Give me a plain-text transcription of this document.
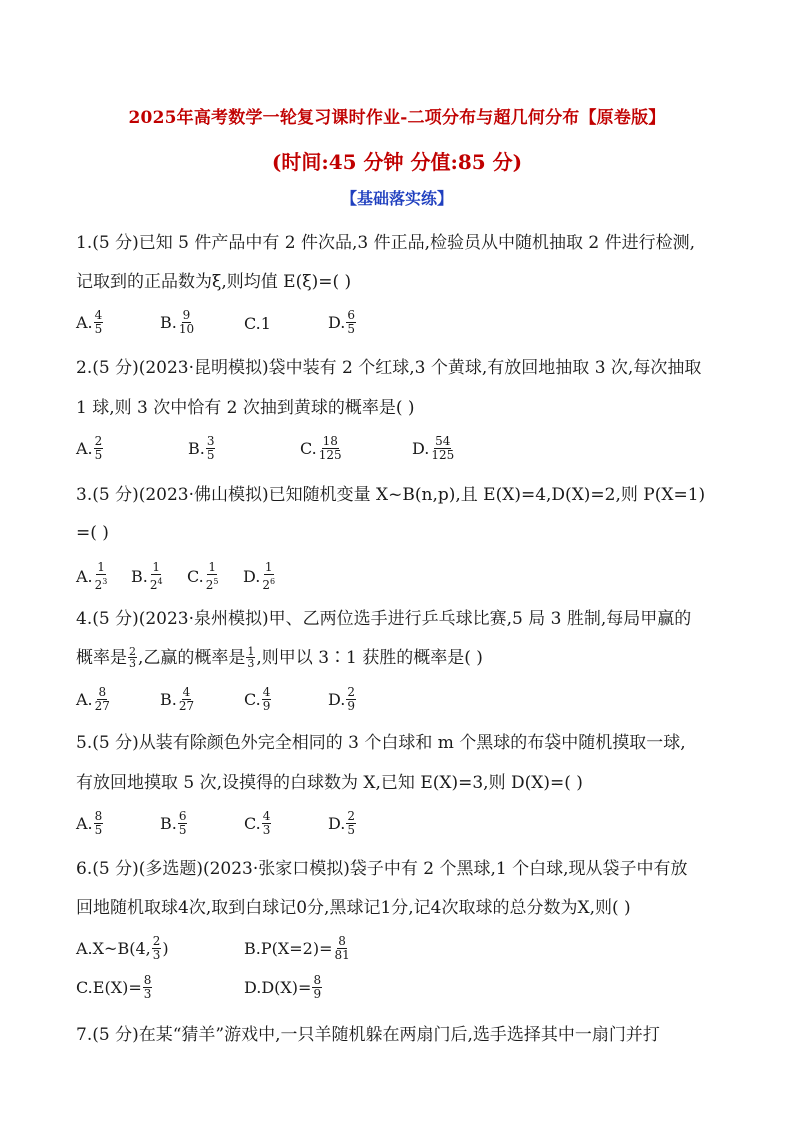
2025年高考数学一轮复习课时作业-二项分布与超几何分布【原卷版】
(时间:45 分钟 分值:85 分)
【基础落实练】
1.(5 分)已知 5 件产品中有 2 件次品,3 件正品,检验员从中随机抽取 2 件进行检测,
记取到的正品数为ξ,则均值 E(ξ)=( )
A. $\frac{4}{5}$	B. $\frac{9}{10}$	C. 1	D. $\frac{6}{5}$
2.(5 分)(2023·昆明模拟)袋中装有 2 个红球,3 个黄球,有放回地抽取 3 次,每次抽取
1 球,则 3 次中恰有 2 次抽到黄球的概率是( )
A. $\frac{2}{5}$	B. $\frac{3}{5}$	C. $\frac{18}{125}$	D. $\frac{54}{125}$
3.(5 分)(2023·佛山模拟)已知随机变量 X~B(n,p),且 E(X)=4,D(X)=2,则 P(X=1)
=( )
A. $\frac{1}{2^3} B$. $\frac{1}{2^4} C$. $\frac{1}{2^5} D$. $\frac{1}{2^6}$
4.(5 分)(2023·泉州模拟)甲、乙两位选手进行乒乓球比赛,5 局 3 胜制,每局甲赢的
概率是 $\frac{2}{3}$ ,乙赢的概率是 $\frac{1}{3}$ ,则甲以 3∶1 获胜的概率是( )
A. $\frac{8}{27}$	B. $\frac{4}{27}$	C. $\frac{4}{9}$	D. $\frac{2}{9}$
5.(5 分)从装有除颜色外完全相同的 3 个白球和 m 个黑球的布袋中随机摸取一球,
有放回地摸取 5 次,设摸得的白球数为 X,已知 E(X)=3,则 D(X)=( )
A. $\frac{8}{5}$	B. $\frac{6}{5}$	C. $\frac{4}{3}$	D. $\frac{2}{5}$
6.(5 分)(多选题)(2023·张家口模拟)袋子中有 2 个黑球,1 个白球,现从袋子中有放
回地随机取球4次,取到白球记0分,黑球记1分,记4次取球的总分数为X,则( )
A. X~B(4, $\frac{2}{3}$ )	B. $P(X=2)= \frac{8}{81}$
C. $E(X)= \frac{8}{3}$	D. $D(X)= \frac{8}{9}$
7.(5 分)在某“猜羊”游戏中,一只羊随机躲在两扇门后,选手选择其中一扇门并打
